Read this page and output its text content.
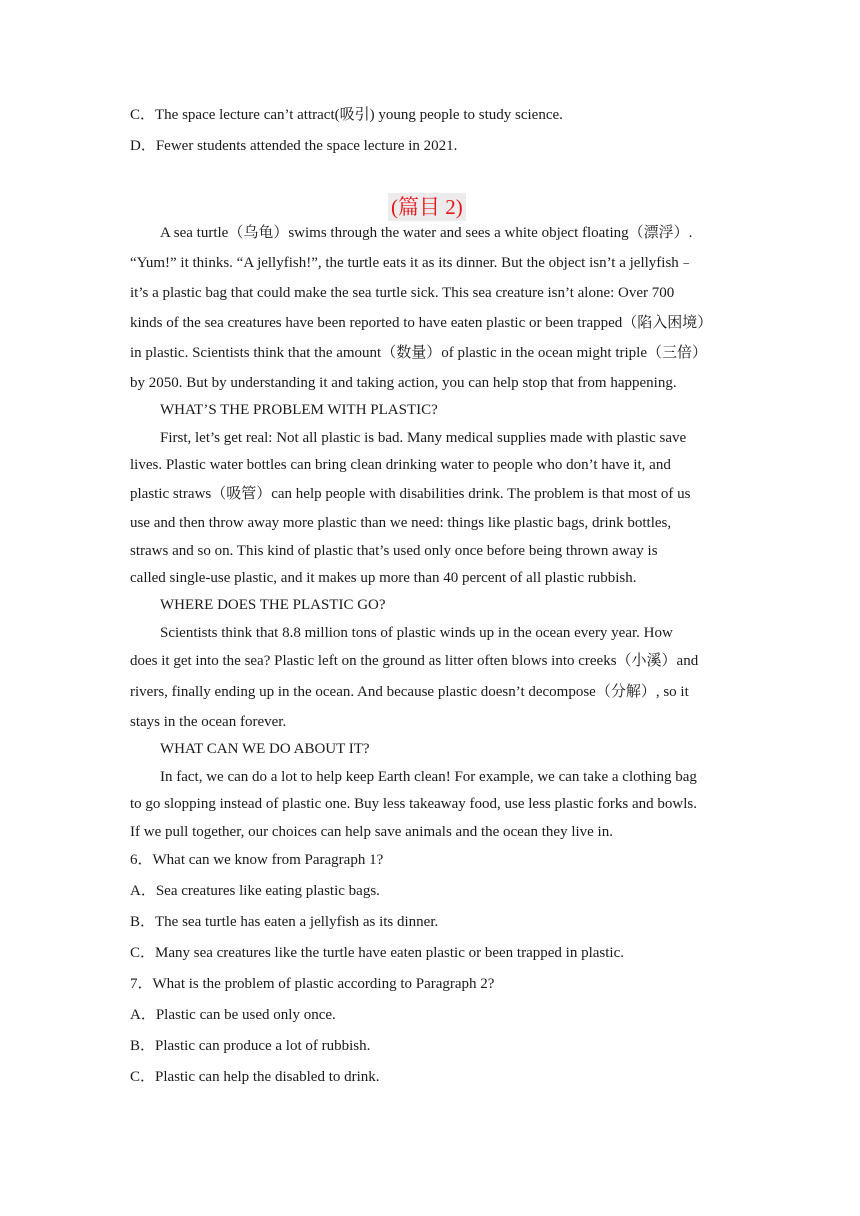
C．The space lecture can’t attract(吸引) young people to study science.
D．Fewer students attended the space lecture in 2021.
(篇目 2)
A sea turtle（乌龟）swims through the water and sees a white object floating（漂浮）.
“Yum!” it thinks. “A jellyfish!”, the turtle eats it as its dinner. But the object isn’t a jellyfish﹣
it’s a plastic bag that could make the sea turtle sick. This sea creature isn’t alone: Over 700
kinds of the sea creatures have been reported to have eaten plastic or been trapped（陷入困境）
in plastic. Scientists think that the amount（数量）of plastic in the ocean might triple（三倍）
by 2050. But by understanding it and taking action, you can help stop that from happening.
WHAT’S THE PROBLEM WITH PLASTIC?
First, let’s get real: Not all plastic is bad. Many medical supplies made with plastic save
lives. Plastic water bottles can bring clean drinking water to people who don’t have it, and
plastic straws（吸管）can help people with disabilities drink. The problem is that most of us
use and then throw away more plastic than we need: things like plastic bags, drink bottles,
straws and so on. This kind of plastic that’s used only once before being thrown away is
called single-use plastic, and it makes up more than 40 percent of all plastic rubbish.
WHERE DOES THE PLASTIC GO?
Scientists think that 8.8 million tons of plastic winds up in the ocean every year. How
does it get into the sea? Plastic left on the ground as litter often blows into creeks（小溪）and
rivers, finally ending up in the ocean. And because plastic doesn’t decompose（分解）, so it
stays in the ocean forever.
WHAT CAN WE DO ABOUT IT?
In fact, we can do a lot to help keep Earth clean! For example, we can take a clothing bag
to go slopping instead of plastic one. Buy less takeaway food, use less plastic forks and bowls.
If we pull together, our choices can help save animals and the ocean they live in.
6．What can we know from Paragraph 1?
A．Sea creatures like eating plastic bags.
B．The sea turtle has eaten a jellyfish as its dinner.
C．Many sea creatures like the turtle have eaten plastic or been trapped in plastic.
7．What is the problem of plastic according to Paragraph 2?
A．Plastic can be used only once.
B．Plastic can produce a lot of rubbish.
C．Plastic can help the disabled to drink.
